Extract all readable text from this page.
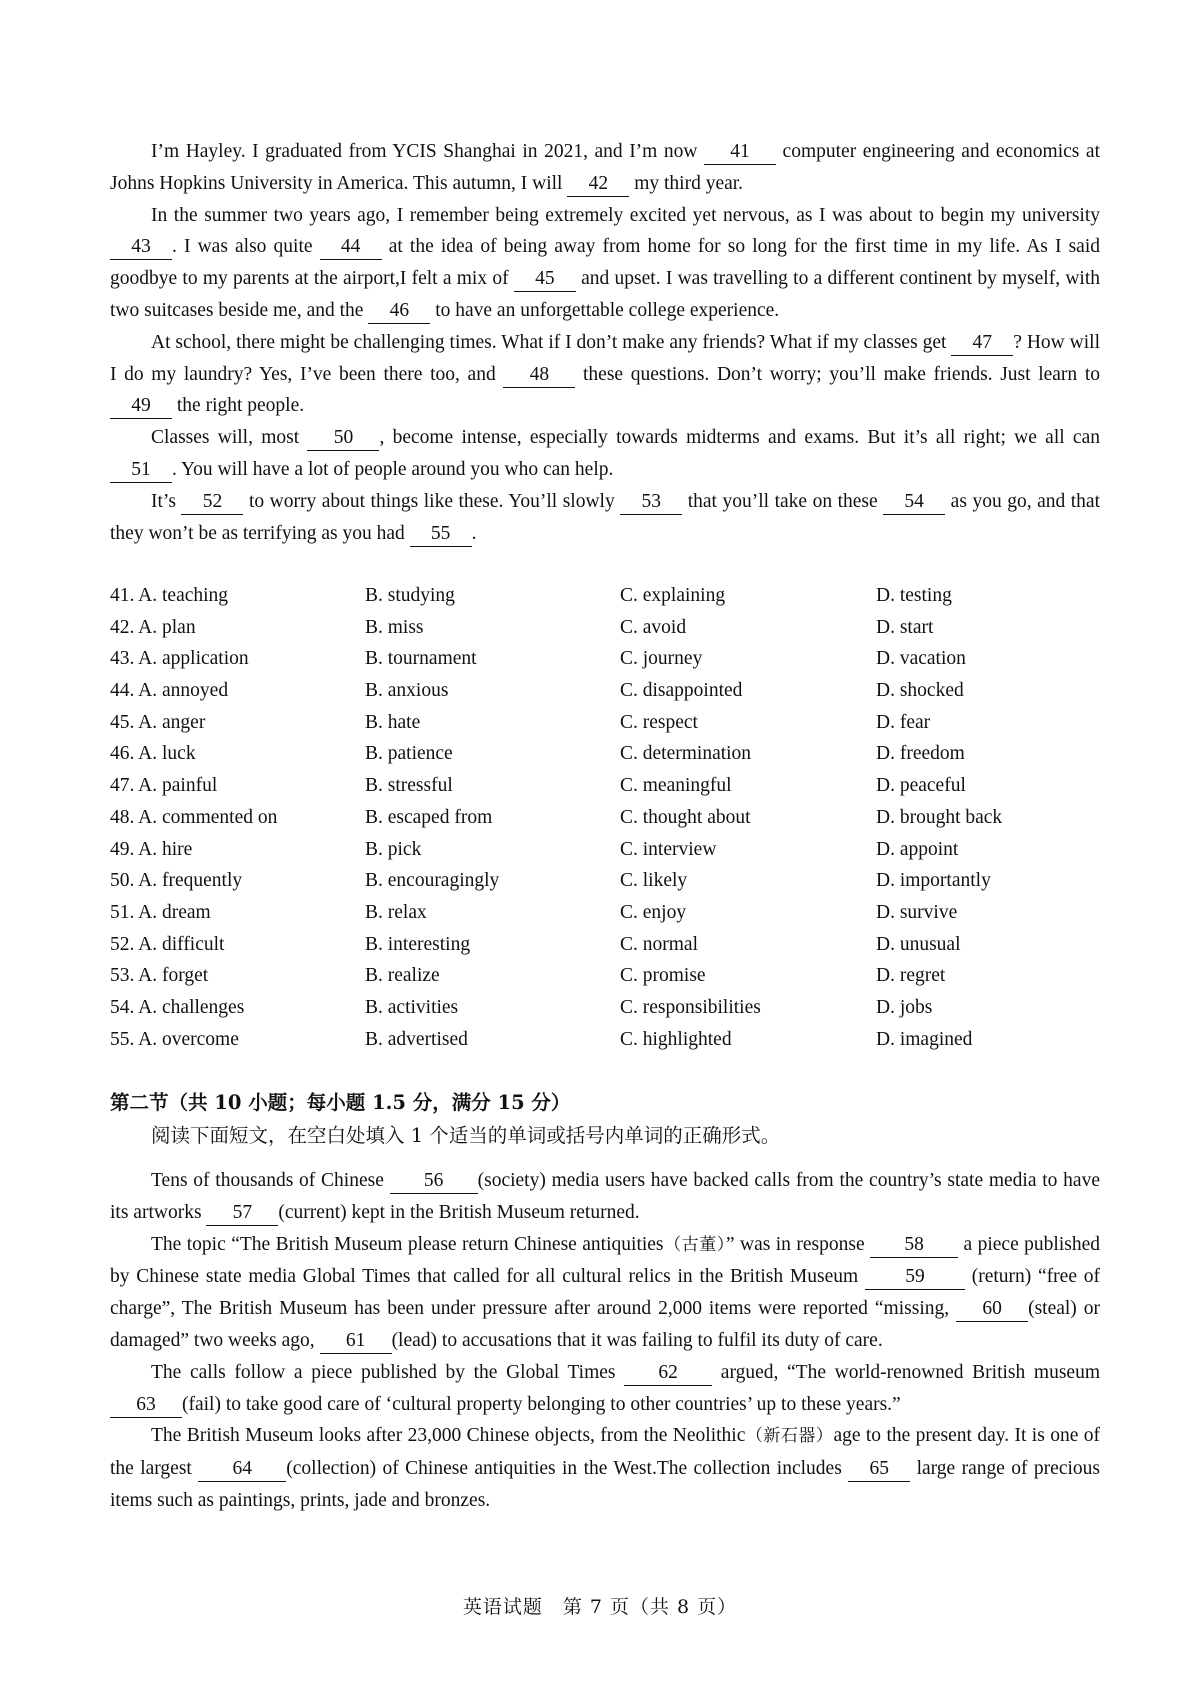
I’m Hayley. I graduated from YCIS Shanghai in 2021, and I’m now 41 computer engineering and economics at Johns Hopkins University in America. This autumn, I will 42 my third year.

In the summer two years ago, I remember being extremely excited yet nervous, as I was about to begin my university 43 . I was also quite 44 at the idea of being away from home for so long for the first time in my life. As I said goodbye to my parents at the airport,I felt a mix of 45 and upset. I was travelling to a different continent by myself, with two suitcases beside me, and the 46 to have an unforgettable college experience.

At school, there might be challenging times. What if I don’t make any friends? What if my classes get 47 ? How will I do my laundry? Yes, I’ve been there too, and 48 these questions. Don’t worry; you’ll make friends. Just learn to 49 the right people.

Classes will, most 50 , become intense, especially towards midterms and exams. But it’s all right; we all can 51 . You will have a lot of people around you who can help.

It’s 52 to worry about things like these. You’ll slowly 53 that you’ll take on these 54 as you go, and that they won’t be as terrifying as you had 55 .

41. A. teaching	B. studying	C. explaining	D. testing
42. A. plan	B. miss	C. avoid	D. start
43. A. application	B. tournament	C. journey	D. vacation
44. A. annoyed	B. anxious	C. disappointed	D. shocked
45. A. anger	B. hate	C. respect	D. fear
46. A. luck	B. patience	C. determination	D. freedom
47. A. painful	B. stressful	C. meaningful	D. peaceful
48. A. commented on	B. escaped from	C. thought about	D. brought back
49. A. hire	B. pick	C. interview	D. appoint
50. A. frequently	B. encouragingly	C. likely	D. importantly
51. A. dream	B. relax	C. enjoy	D. survive
52. A. difficult	B. interesting	C. normal	D. unusual
53. A. forget	B. realize	C. promise	D. regret
54. A. challenges	B. activities	C. responsibilities	D. jobs
55. A. overcome	B. advertised	C. highlighted	D. imagined
第二节（共 10 小题；每小题 1.5 分，满分 15 分）
阅读下面短文，在空白处填入 1 个适当的单词或括号内单词的正确形式。

Tens of thousands of Chinese 56 (society) media users have backed calls from the country’s state media to have its artworks 57 (current) kept in the British Museum returned.

The topic “The British Museum please return Chinese antiquities（古董）” was in response 58 a piece published by Chinese state media Global Times that called for all cultural relics in the British Museum 59 (return) “free of charge”, The British Museum has been under pressure after around 2,000 items were reported “missing, 60 (steal) or damaged” two weeks ago, 61 (lead) to accusations that it was failing to fulfil its duty of care.

The calls follow a piece published by the Global Times 62 argued, “The world-renowned British museum 63 (fail) to take good care of ‘cultural property belonging to other countries’ up to these years.”

The British Museum looks after 23,000 Chinese objects, from the Neolithic（新石器）age to the present day. It is one of the largest 64 (collection) of Chinese antiquities in the West.The collection includes 65 large range of precious items such as paintings, prints, jade and bronzes.

英语试题　第 7 页（共 8 页）
